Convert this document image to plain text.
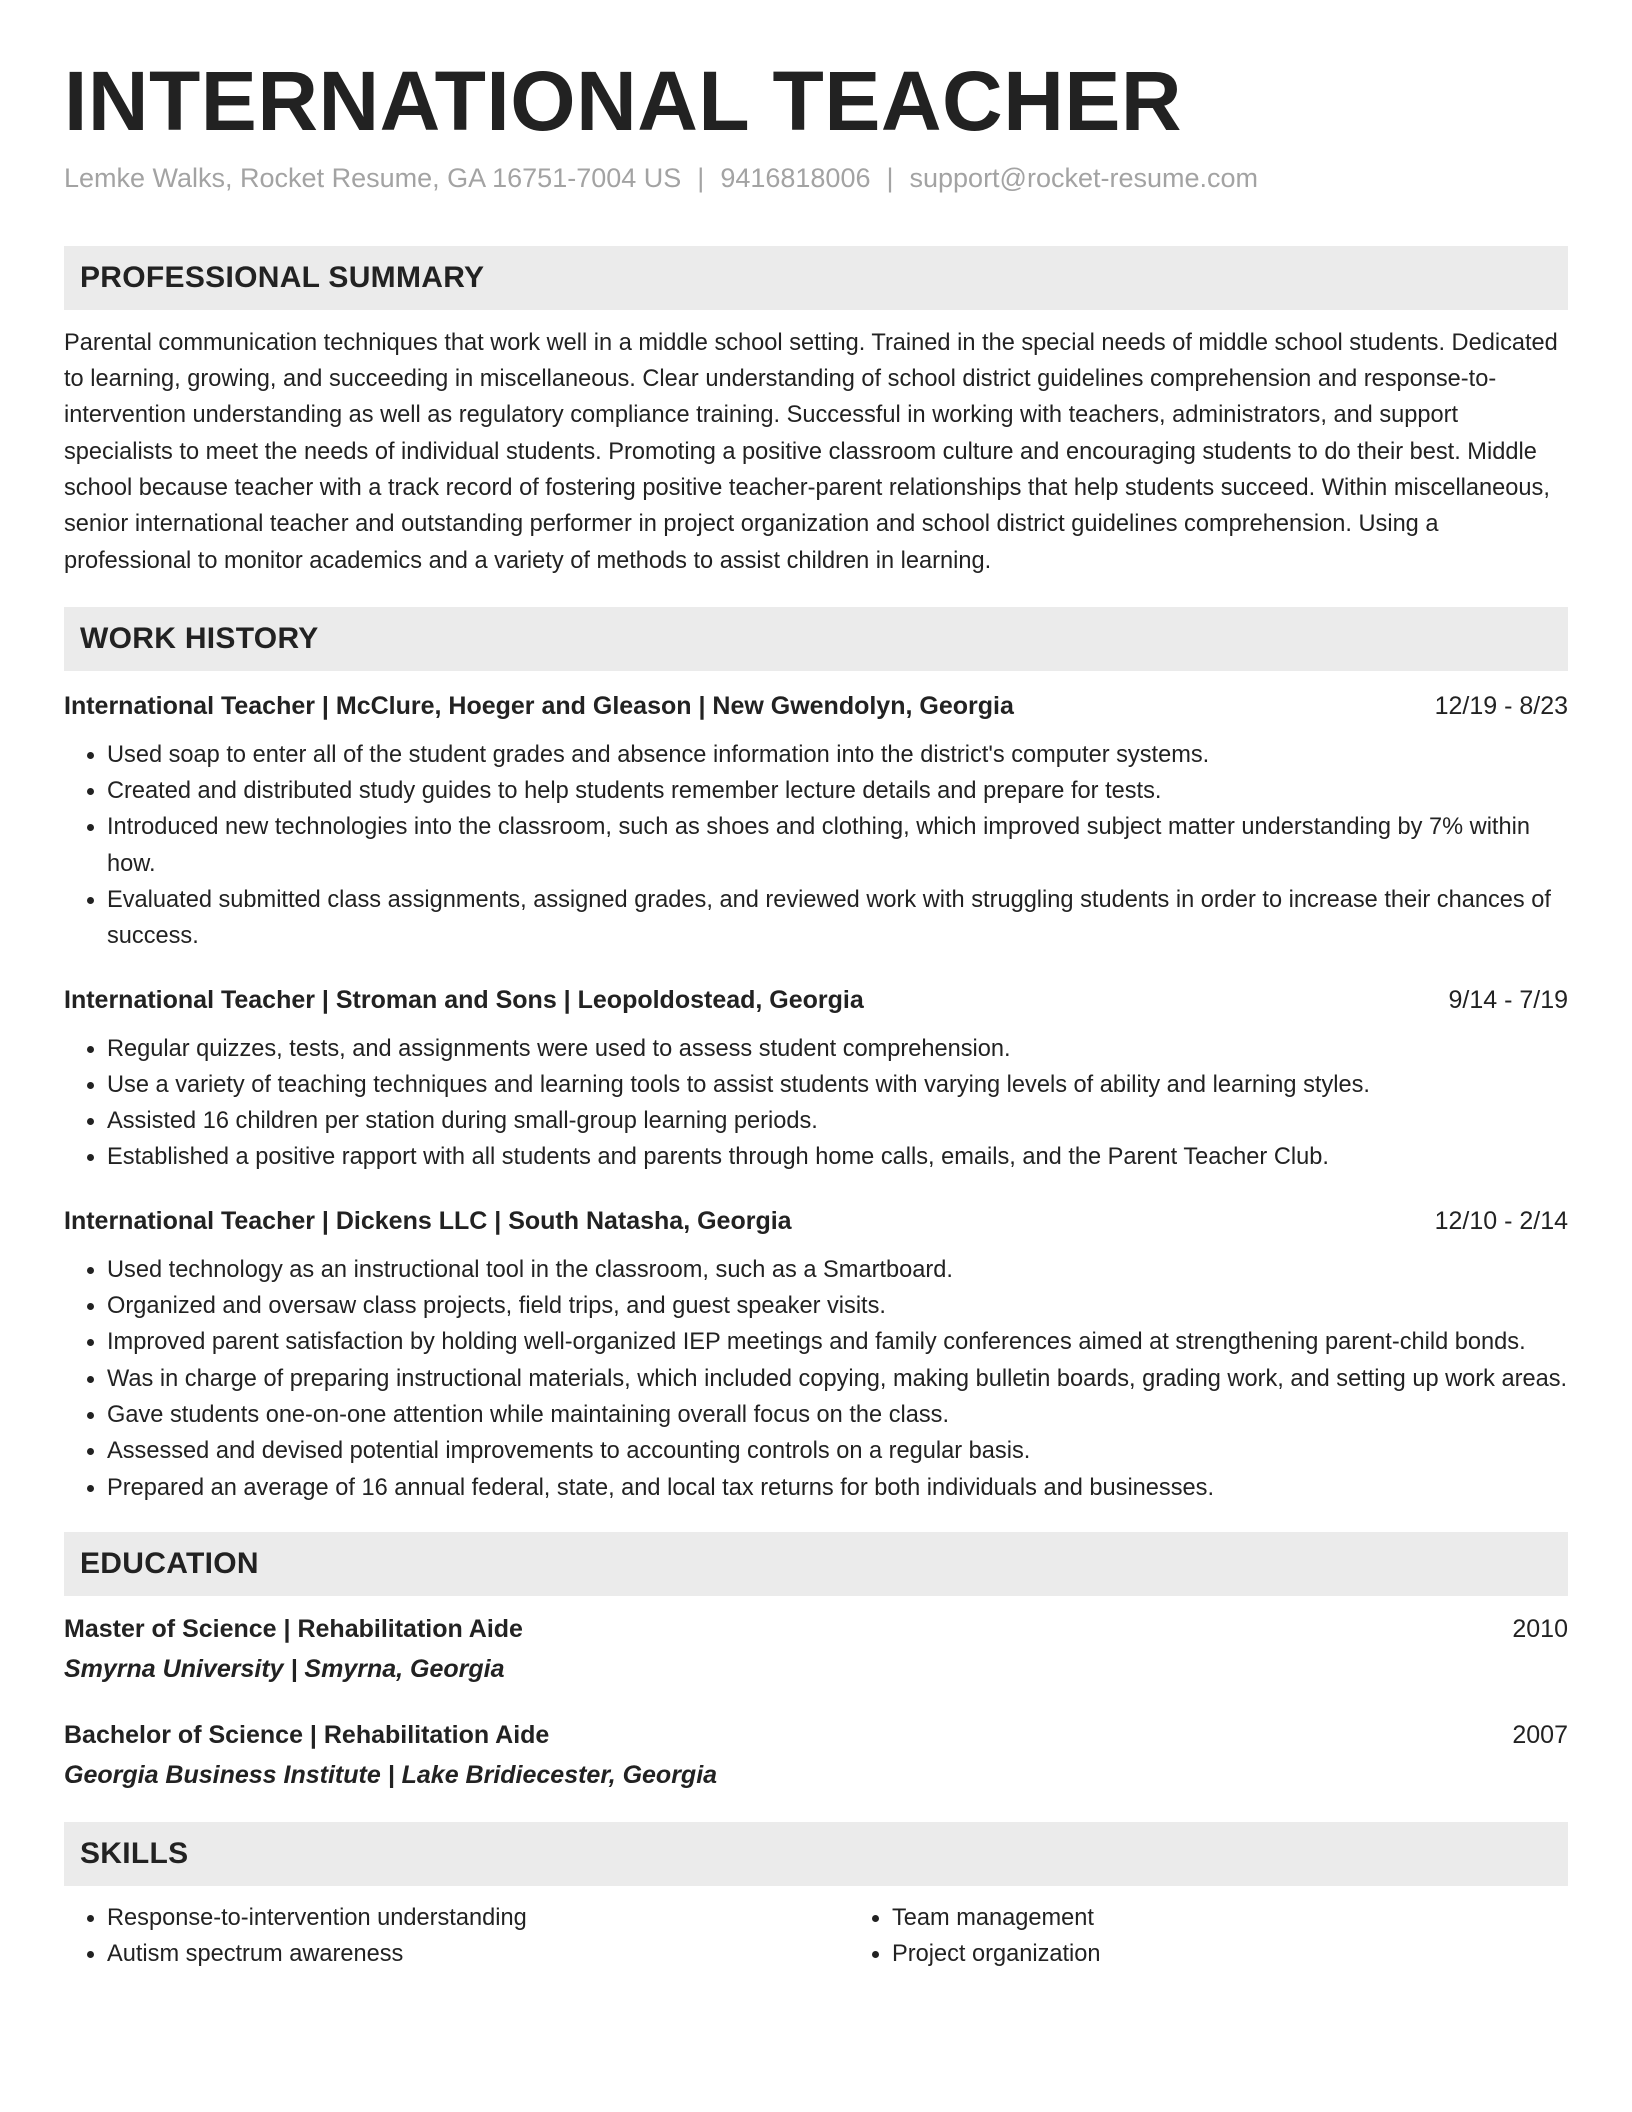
INTERNATIONAL TEACHER
Lemke Walks, Rocket Resume, GA 16751-7004 US | 9416818006 | support@rocket-resume.com
PROFESSIONAL SUMMARY

Parental communication techniques that work well in a middle school setting. Trained in the special needs of middle school students. Dedicated to learning, growing, and succeeding in miscellaneous. Clear understanding of school district guidelines comprehension and response-to-intervention understanding as well as regulatory compliance training. Successful in working with teachers, administrators, and support specialists to meet the needs of individual students. Promoting a positive classroom culture and encouraging students to do their best. Middle school because teacher with a track record of fostering positive teacher-parent relationships that help students succeed. Within miscellaneous, senior international teacher and outstanding performer in project organization and school district guidelines comprehension. Using a professional to monitor academics and a variety of methods to assist children in learning.

WORK HISTORY
International Teacher | McClure, Hoeger and Gleason | New Gwendolyn, Georgia	12/19 - 8/23
• Used soap to enter all of the student grades and absence information into the district's computer systems.
• Created and distributed study guides to help students remember lecture details and prepare for tests.
• Introduced new technologies into the classroom, such as shoes and clothing, which improved subject matter understanding by 7% within how.
• Evaluated submitted class assignments, assigned grades, and reviewed work with struggling students in order to increase their chances of success.
International Teacher | Stroman and Sons | Leopoldostead, Georgia	9/14 - 7/19
• Regular quizzes, tests, and assignments were used to assess student comprehension.
• Use a variety of teaching techniques and learning tools to assist students with varying levels of ability and learning styles.
• Assisted 16 children per station during small-group learning periods.
• Established a positive rapport with all students and parents through home calls, emails, and the Parent Teacher Club.
International Teacher | Dickens LLC | South Natasha, Georgia	12/10 - 2/14
• Used technology as an instructional tool in the classroom, such as a Smartboard.
• Organized and oversaw class projects, field trips, and guest speaker visits.
• Improved parent satisfaction by holding well-organized IEP meetings and family conferences aimed at strengthening parent-child bonds.
• Was in charge of preparing instructional materials, which included copying, making bulletin boards, grading work, and setting up work areas.
• Gave students one-on-one attention while maintaining overall focus on the class.
• Assessed and devised potential improvements to accounting controls on a regular basis.
• Prepared an average of 16 annual federal, state, and local tax returns for both individuals and businesses.
EDUCATION
Master of Science | Rehabilitation Aide	2010
Smyrna University | Smyrna, Georgia
Bachelor of Science | Rehabilitation Aide	2007
Georgia Business Institute | Lake Bridiecester, Georgia
SKILLS
• Response-to-intervention understanding
• Autism spectrum awareness
• Team management
• Project organization
